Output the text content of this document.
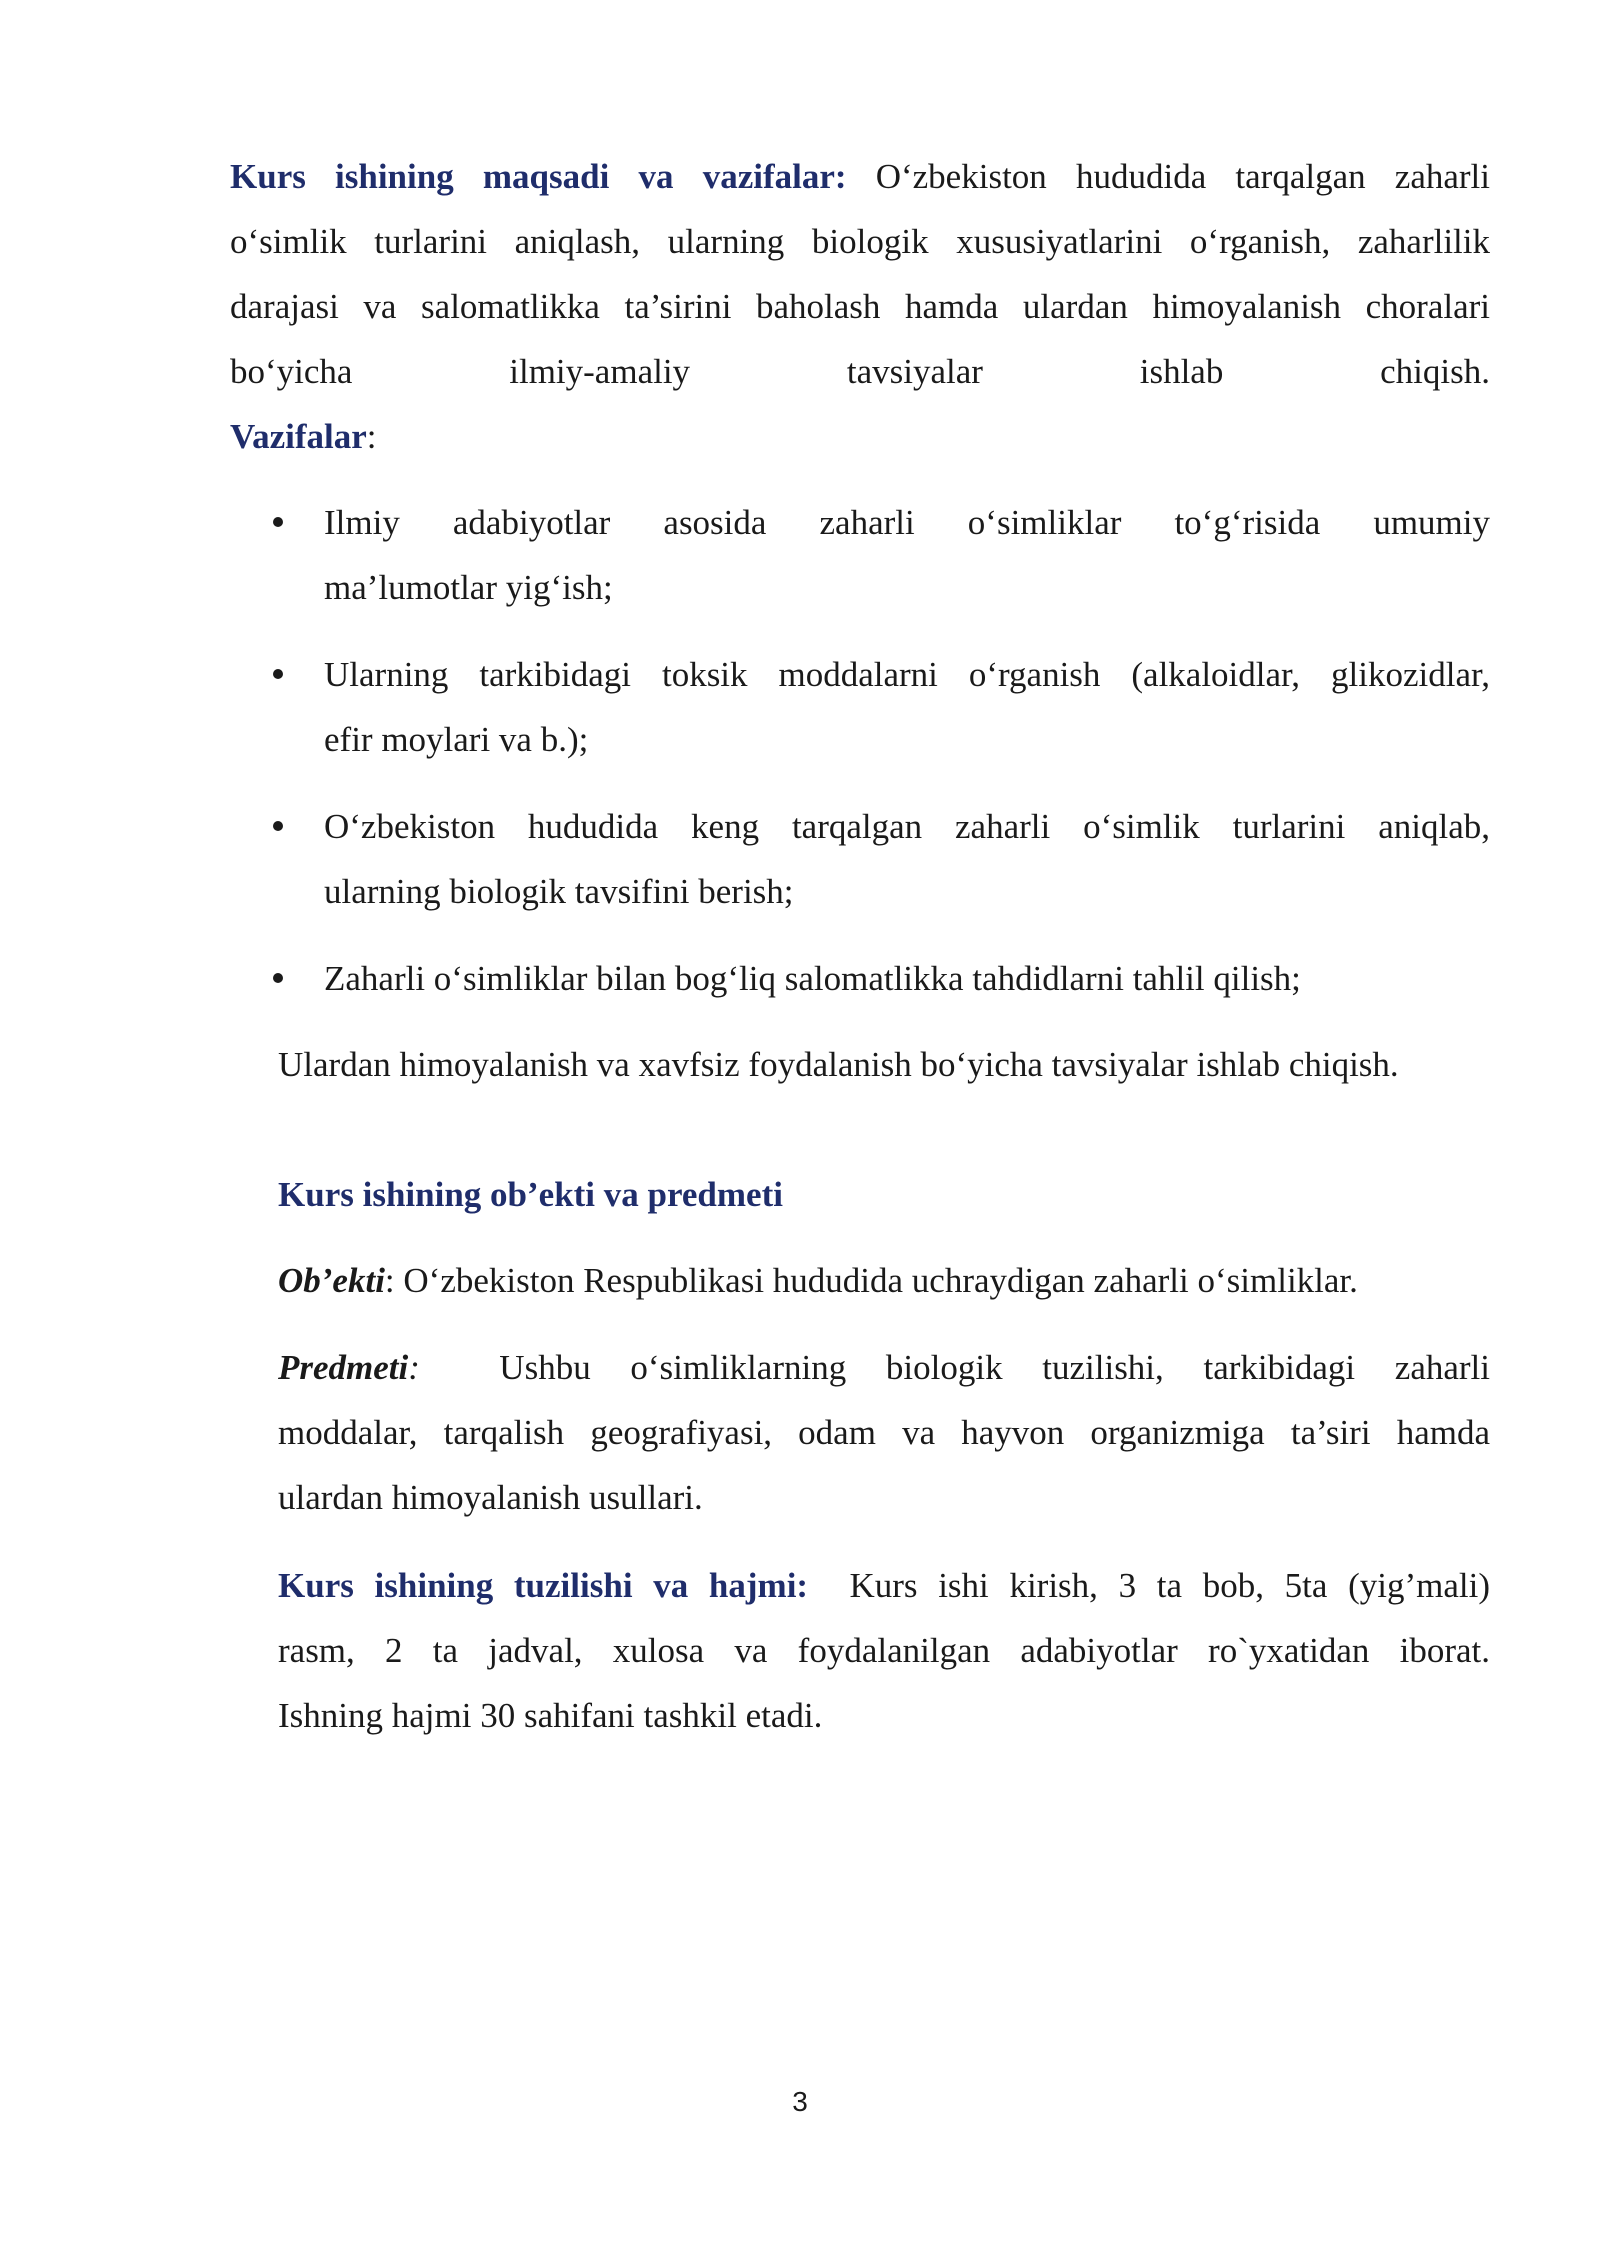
Kurs ishining maqsadi va vazifalar: O‘zbekiston hududida tarqalgan zaharli
o‘simlik turlarini aniqlash, ularning biologik xususiyatlarini o‘rganish, zaharlilik
darajasi va salomatlikka ta’sirini baholash hamda ulardan himoyalanish choralari
bo‘yicha ilmiy-amaliy tavsiyalar ishlab chiqish.
Vazifalar:
Ilmiy adabiyotlar asosida zaharli o‘simliklar to‘g‘risida umumiy
ma’lumotlar yig‘ish;
Ularning tarkibidagi toksik moddalarni o‘rganish (alkaloidlar, glikozidlar,
efir moylari va b.);
O‘zbekiston hududida keng tarqalgan zaharli o‘simlik turlarini aniqlab,
ularning biologik tavsifini berish;
Zaharli o‘simliklar bilan bog‘liq salomatlikka tahdidlarni tahlil qilish;
Ulardan himoyalanish va xavfsiz foydalanish bo‘yicha tavsiyalar ishlab chiqish.
Kurs ishining ob’ekti va predmeti
Ob’ekti: O‘zbekiston Respublikasi hududida uchraydigan zaharli o‘simliklar.
Predmeti: Ushbu o‘simliklarning biologik tuzilishi, tarkibidagi zaharli
moddalar, tarqalish geografiyasi, odam va hayvon organizmiga ta’siri hamda
ulardan himoyalanish usullari.
Kurs ishining tuzilishi va hajmi: Kurs ishi kirish, 3 ta bob, 5ta (yig’mali)
rasm, 2 ta jadval, xulosa va foydalanilgan adabiyotlar ro`yxatidan iborat.
Ishning hajmi 30 sahifani tashkil etadi.
3
